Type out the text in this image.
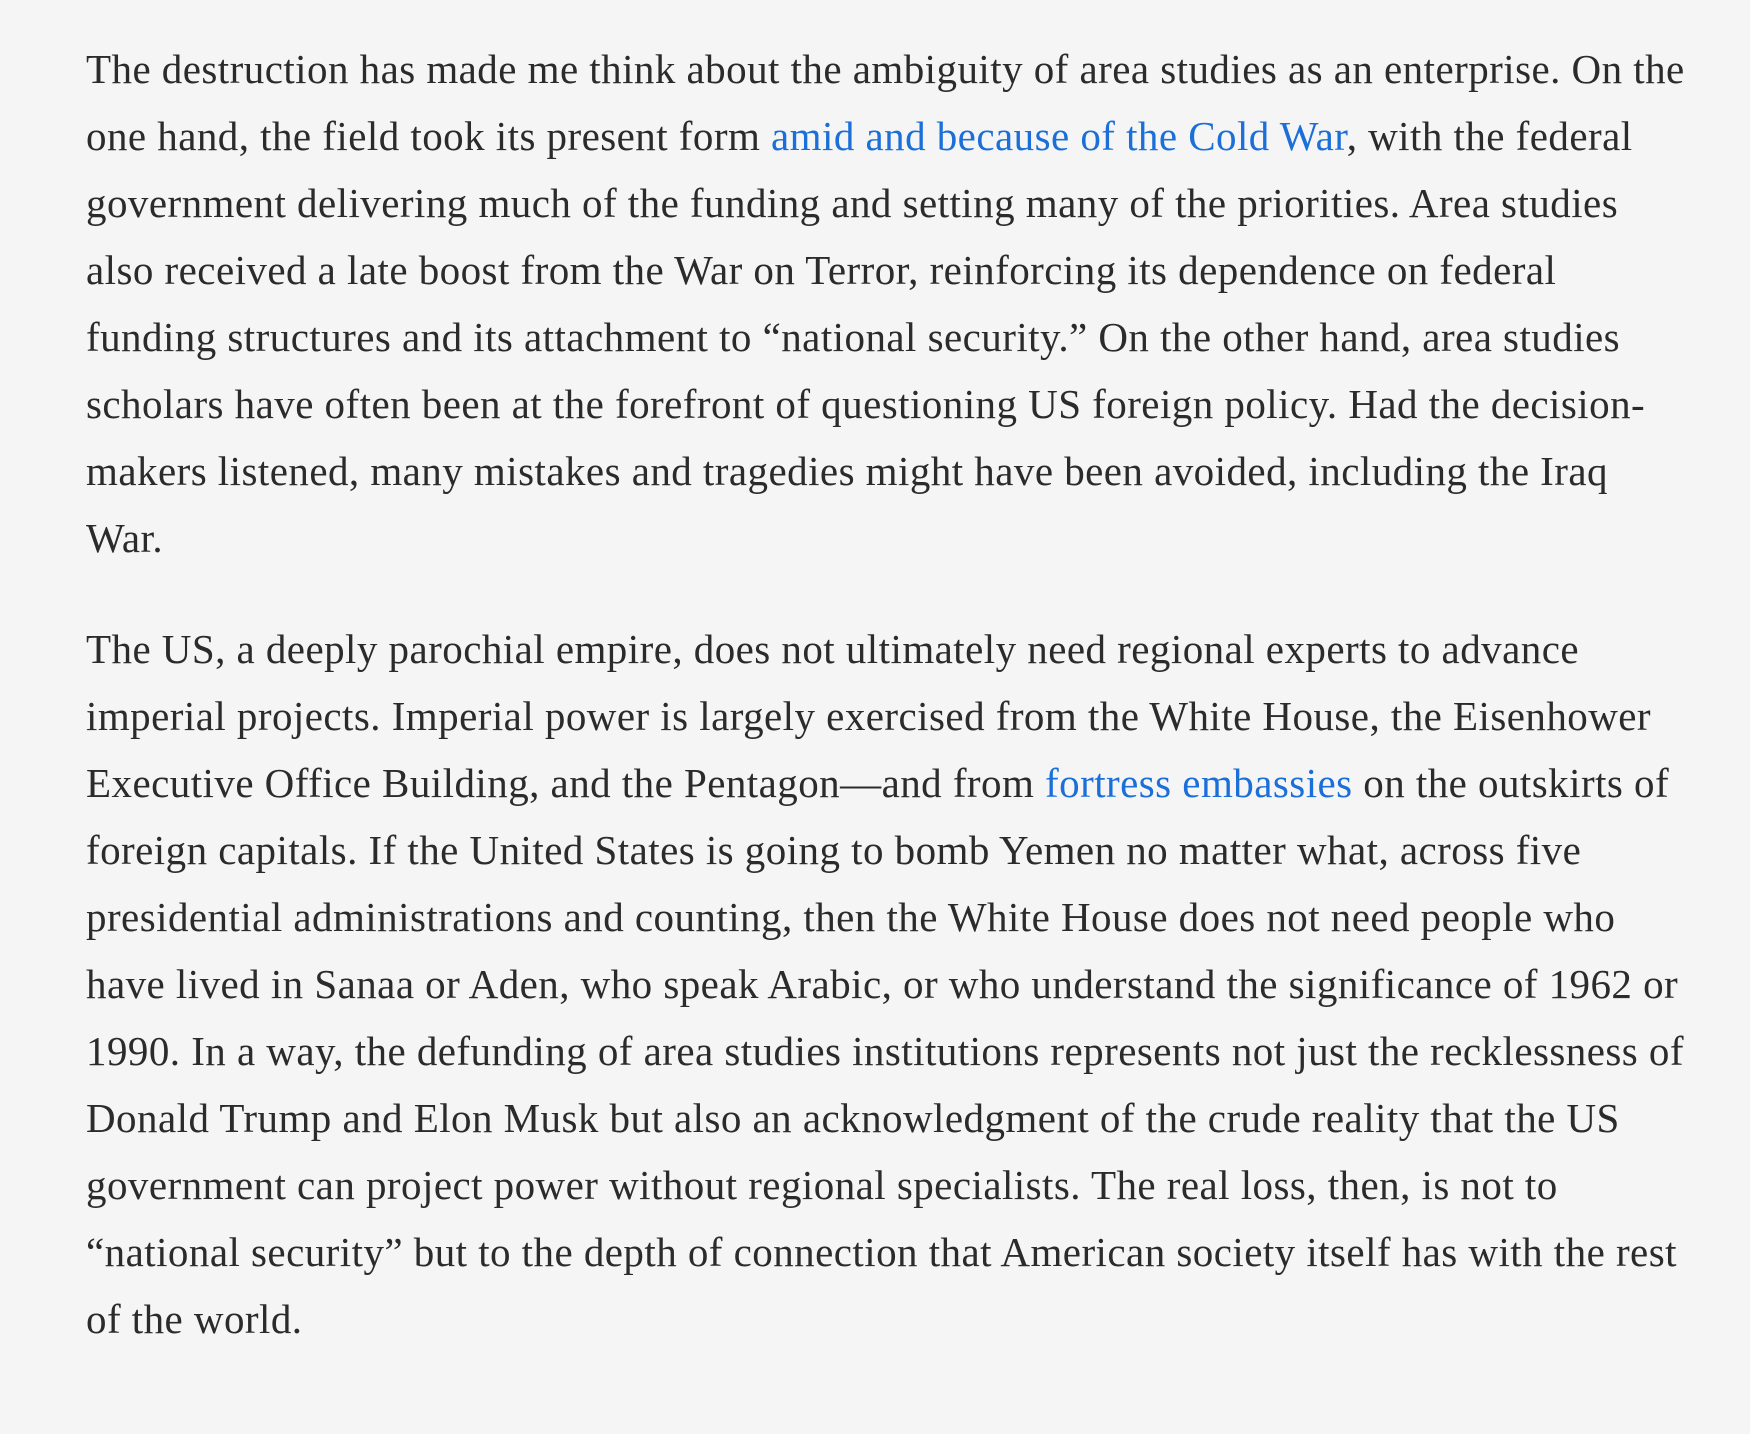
The destruction has made me think about the ambiguity of area studies as an enterprise. On the one hand, the field took its present form amid and because of the Cold War, with the federal government delivering much of the funding and setting many of the priorities. Area studies also received a late boost from the War on Terror, reinforcing its dependence on federal funding structures and its attachment to “national security.” On the other hand, area studies scholars have often been at the forefront of questioning US foreign policy. Had the decision-makers listened, many mistakes and tragedies might have been avoided, including the Iraq War.

The US, a deeply parochial empire, does not ultimately need regional experts to advance imperial projects. Imperial power is largely exercised from the White House, the Eisenhower Executive Office Building, and the Pentagon—and from fortress embassies on the outskirts of foreign capitals. If the United States is going to bomb Yemen no matter what, across five presidential administrations and counting, then the White House does not need people who have lived in Sanaa or Aden, who speak Arabic, or who understand the significance of 1962 or 1990. In a way, the defunding of area studies institutions represents not just the recklessness of Donald Trump and Elon Musk but also an acknowledgment of the crude reality that the US government can project power without regional specialists. The real loss, then, is not to “national security” but to the depth of connection that American society itself has with the rest of the world.
